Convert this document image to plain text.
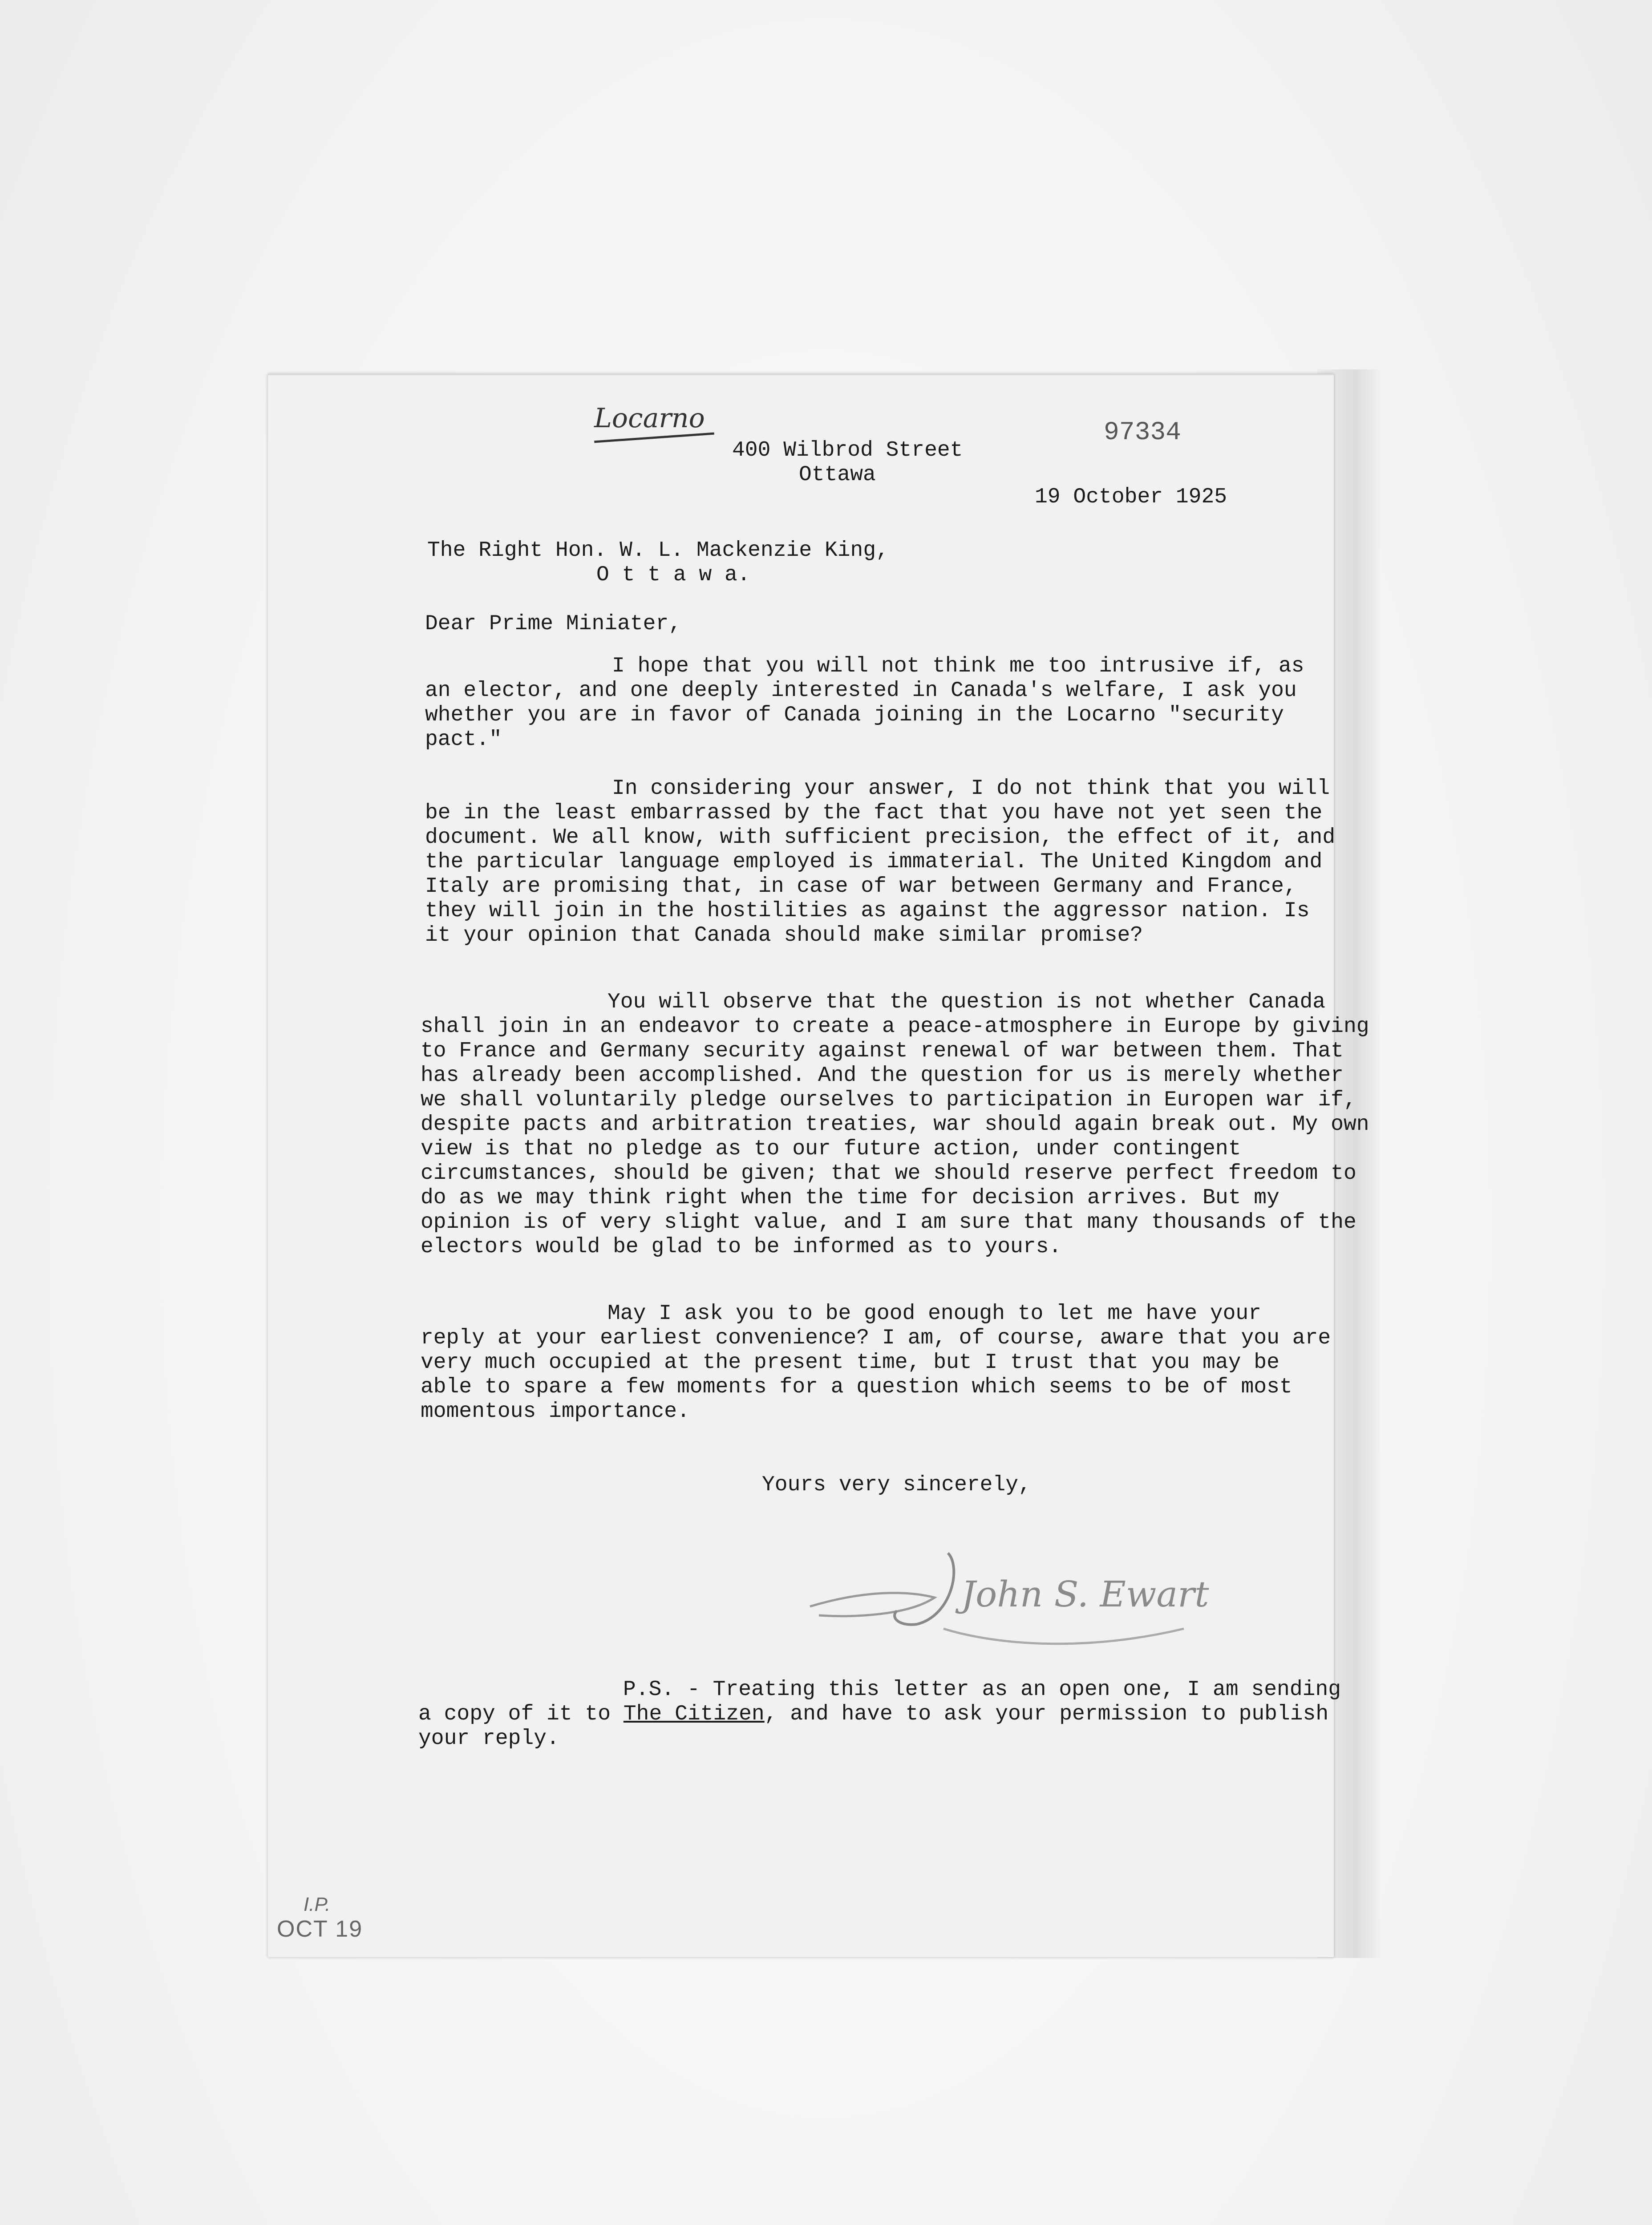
Locarno	97334
400 Wilbrod Street
Ottawa
19 October 1925
The Right Hon. W. L. Mackenzie King,
O t t a w a.
Dear Prime Miniater,
I hope that you will not think me too intrusive if, as an elector, and one deeply interested in Canada's welfare, I ask you whether you are in favor of Canada joining in the Locarno "security pact."
In considering your answer, I do not think that you will be in the least embarrassed by the fact that you have not yet seen the document. We all know, with sufficient precision, the effect of it, and the particular language employed is immaterial. The United Kingdom and Italy are promising that, in case of war between Germany and France, they will join in the hostilities as against the aggressor nation. Is it your opinion that Canada should make similar promise?
You will observe that the question is not whether Canada shall join in an endeavor to create a peace-atmosphere in Europe by giving to France and Germany security against renewal of war between them. That has already been accomplished. And the question for us is merely whether we shall voluntarily pledge ourselves to participation in Europen war if, despite pacts and arbitration treaties, war should again break out. My own view is that no pledge as to our future action, under contingent circumstances, should be given; that we should reserve perfect freedom to do as we may think right when the time for decision arrives. But my opinion is of very slight value, and I am sure that many thousands of the electors would be glad to be informed as to yours.
May I ask you to be good enough to let me have your reply at your earliest convenience? I am, of course, aware that you are very much occupied at the present time, but I trust that you may be able to spare a few moments for a question which seems to be of most momentous importance.
Yours very sincerely,
John S. Ewart
P.S. - Treating this letter as an open one, I am sending a copy of it to The Citizen, and have to ask your permission to publish your reply.
I.P.
OCT 19
